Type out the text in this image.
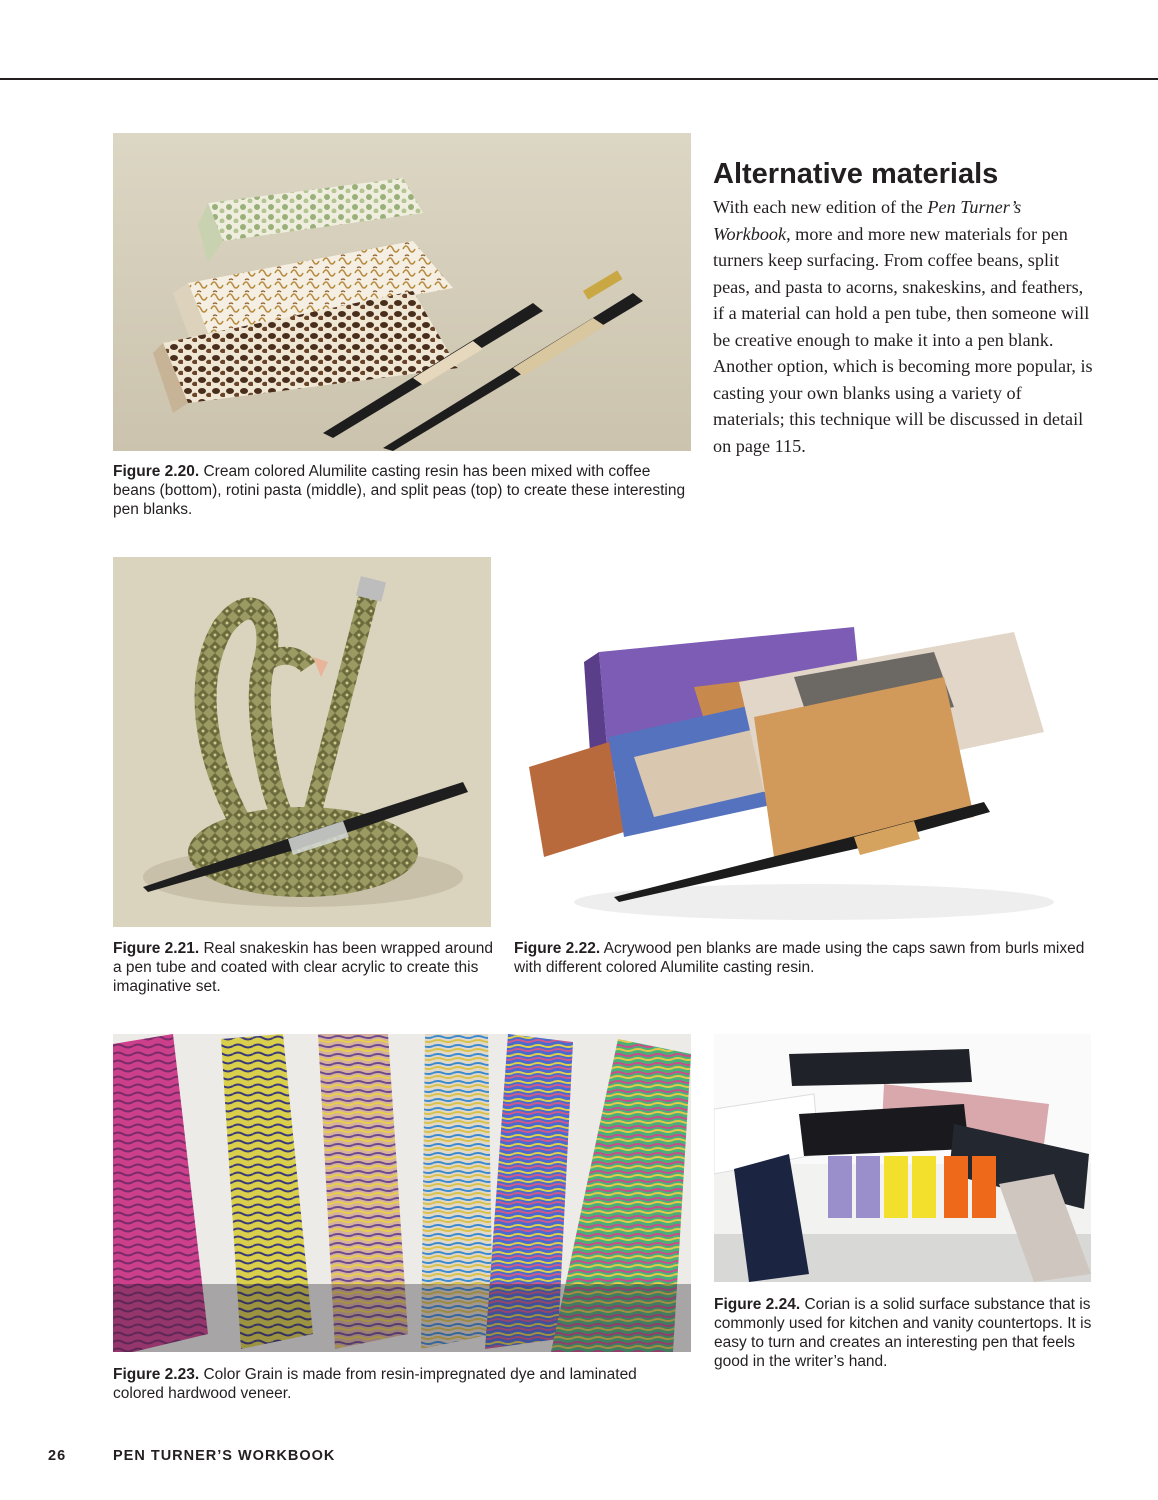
Figure 2.20. Cream colored Alumilite casting resin has been mixed with coffee beans (bottom), rotini pasta (middle), and split peas (top) to create these interesting pen blanks.
Alternative materials

With each new edition of the Pen Turner’s Workbook, more and more new materials for pen turners keep surfacing. From coffee beans, split peas, and pasta to acorns, snakeskins, and feathers, if a material can hold a pen tube, then someone will be creative enough to make it into a pen blank. Another option, which is becoming more popular, is casting your own blanks using a variety of materials; this technique will be discussed in detail on page 115.

Figure 2.21. Real snakeskin has been wrapped around a pen tube and coated with clear acrylic to create this imaginative set.
Figure 2.22. Acrywood pen blanks are made using the caps sawn from burls mixed with different colored Alumilite casting resin.
Figure 2.23. Color Grain is made from resin-impregnated dye and laminated colored hardwood veneer.
Figure 2.24. Corian is a solid surface substance that is commonly used for kitchen and vanity countertops. It is easy to turn and creates an interesting pen that feels good in the writer’s hand.
26	PEN TURNER’S WORKBOOK
